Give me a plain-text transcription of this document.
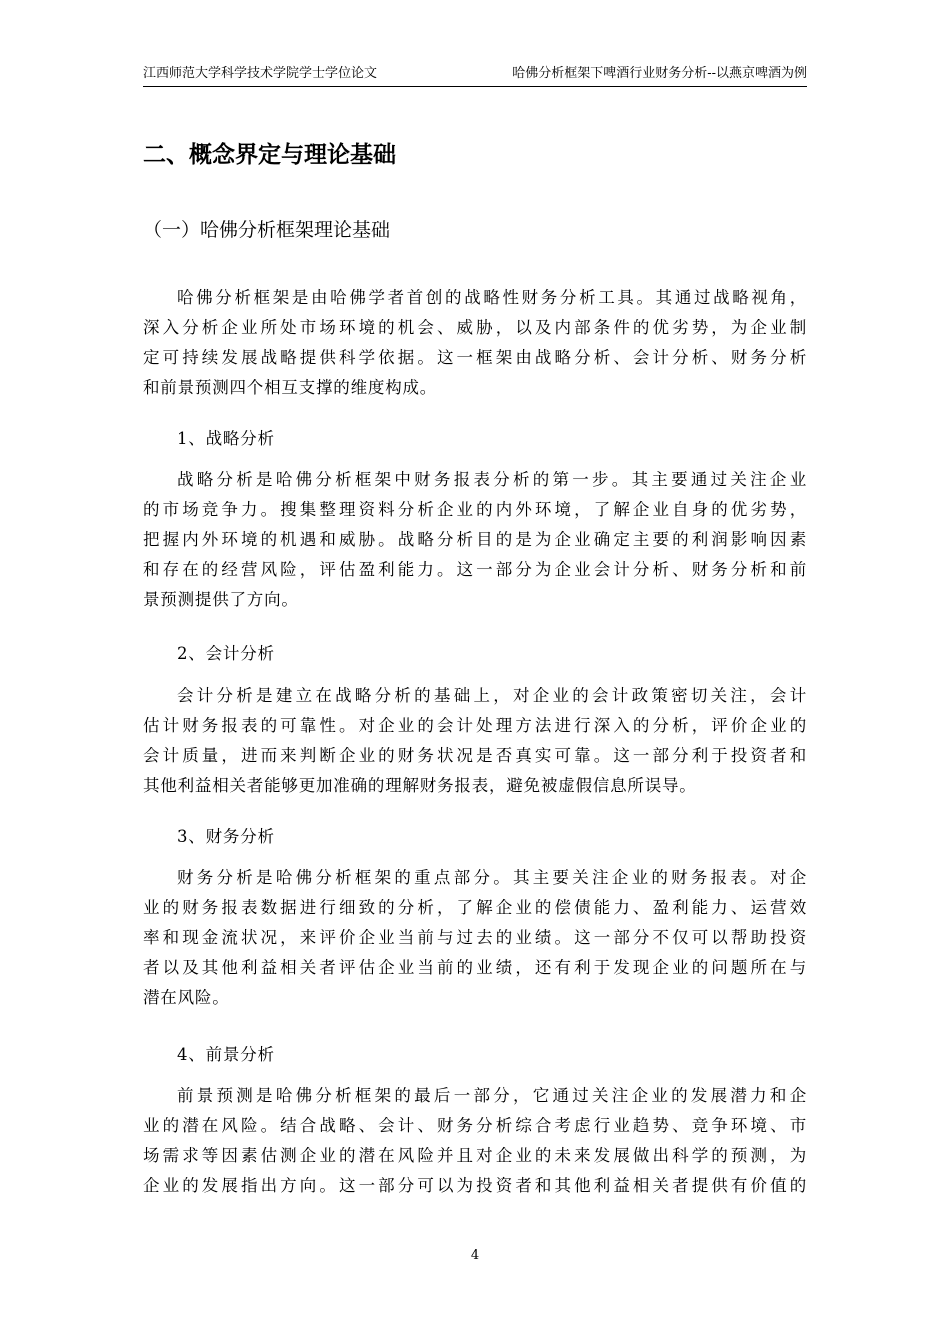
江西师范大学科学技术学院学士学位论文	哈佛分析框架下啤酒行业财务分析--以燕京啤酒为例
二、概念界定与理论基础
（一）哈佛分析框架理论基础
哈佛分析框架是由哈佛学者首创的战略性财务分析工具。其通过战略视角，
深入分析企业所处市场环境的机会、威胁，以及内部条件的优劣势，为企业制
定可持续发展战略提供科学依据。这一框架由战略分析、会计分析、财务分析
和前景预测四个相互支撑的维度构成。
1、战略分析
战略分析是哈佛分析框架中财务报表分析的第一步。其主要通过关注企业
的市场竞争力。搜集整理资料分析企业的内外环境，了解企业自身的优劣势，
把握内外环境的机遇和威胁。战略分析目的是为企业确定主要的利润影响因素
和存在的经营风险，评估盈利能力。这一部分为企业会计分析、财务分析和前
景预测提供了方向。
2、会计分析
会计分析是建立在战略分析的基础上，对企业的会计政策密切关注，会计
估计财务报表的可靠性。对企业的会计处理方法进行深入的分析，评价企业的
会计质量，进而来判断企业的财务状况是否真实可靠。这一部分利于投资者和
其他利益相关者能够更加准确的理解财务报表，避免被虚假信息所误导。
3、财务分析
财务分析是哈佛分析框架的重点部分。其主要关注企业的财务报表。对企
业的财务报表数据进行细致的分析，了解企业的偿债能力、盈利能力、运营效
率和现金流状况，来评价企业当前与过去的业绩。这一部分不仅可以帮助投资
者以及其他利益相关者评估企业当前的业绩，还有利于发现企业的问题所在与
潜在风险。
4、前景分析
前景预测是哈佛分析框架的最后一部分，它通过关注企业的发展潜力和企
业的潜在风险。结合战略、会计、财务分析综合考虑行业趋势、竞争环境、市
场需求等因素估测企业的潜在风险并且对企业的未来发展做出科学的预测，为
企业的发展指出方向。这一部分可以为投资者和其他利益相关者提供有价值的
4
